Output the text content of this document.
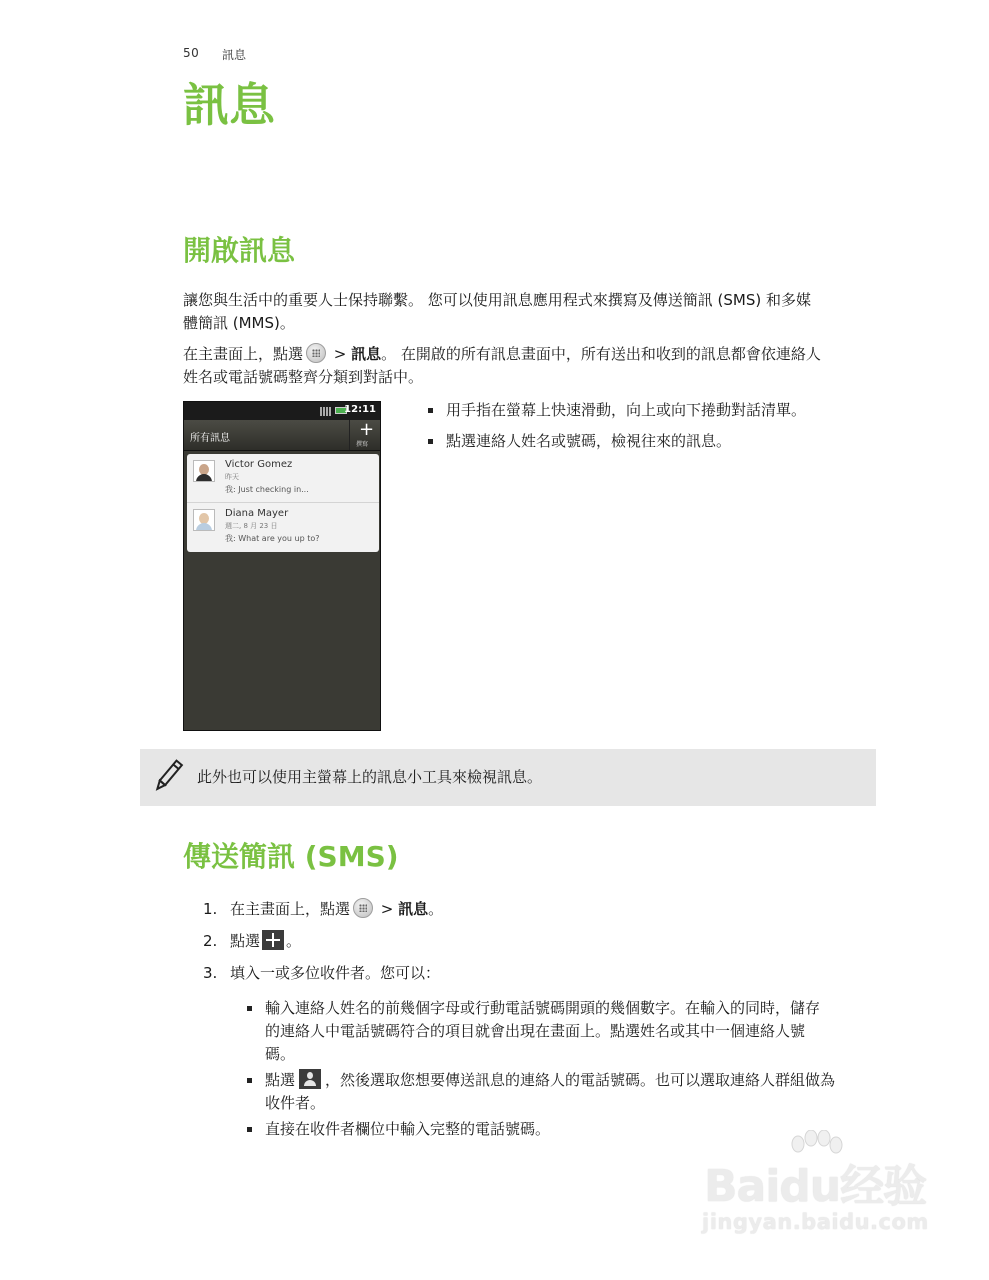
50 訊息
訊息
開啟訊息
讓您與生活中的重要人士保持聯繫。 您可以使用訊息應用程式來撰寫及傳送簡訊 (SMS) 和多媒
體簡訊 (MMS)。
在主畫面上，點選 > 訊息。 在開啟的所有訊息畫面中，所有送出和收到的訊息都會依連絡人
姓名或電話號碼整齊分類到對話中。
12:11
所有訊息	+
撰寫
Victor Gomez
昨天
我: Just checking in...
Diana Mayer
週二, 8 月 23 日
我: What are you up to?
用手指在螢幕上快速滑動，向上或向下捲動對話清單。
點選連絡人姓名或號碼，檢視往來的訊息。
此外也可以使用主螢幕上的訊息小工具來檢視訊息。
傳送簡訊 (SMS)
1. 在主畫面上，點選 > 訊息。
2. 點選 。
3. 填入一或多位收件者。您可以：
輸入連絡人姓名的前幾個字母或行動電話號碼開頭的幾個數字。在輸入的同時，儲存
的連絡人中電話號碼符合的項目就會出現在畫面上。點選姓名或其中一個連絡人號
碼。
點選 ，然後選取您想要傳送訊息的連絡人的電話號碼。也可以選取連絡人群組做為
收件者。
直接在收件者欄位中輸入完整的電話號碼。
Baidu经验
jingyan.baidu.com
